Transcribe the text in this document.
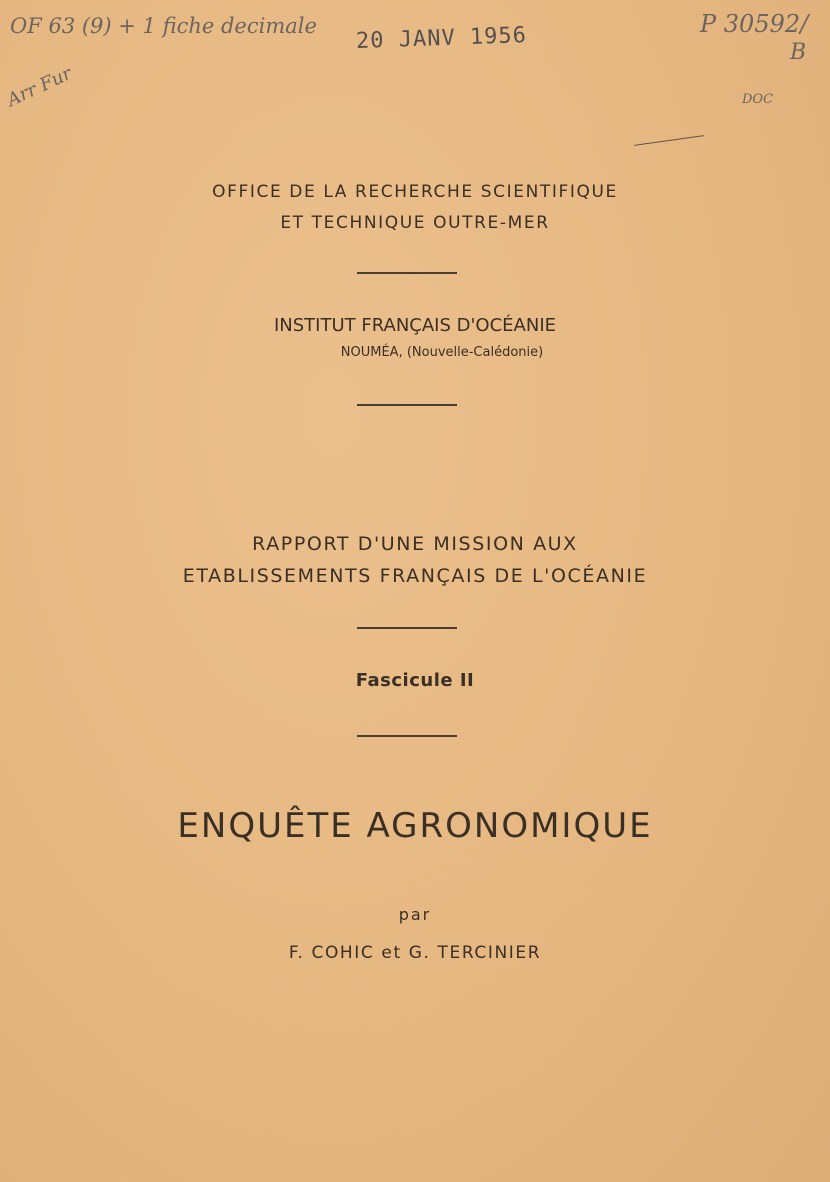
OF 63 (9) + 1 fiche decimale
Arr Fur
P 30592/
B
DOC
20 JANV 1956
OFFICE DE LA RECHERCHE SCIENTIFIQUE
ET TECHNIQUE OUTRE-MER
INSTITUT FRANÇAIS D'OCÉANIE
NOUMÉA, (Nouvelle-Calédonie)
RAPPORT D'UNE MISSION AUX
ETABLISSEMENTS FRANÇAIS DE L'OCÉANIE
Fascicule II
ENQUÊTE AGRONOMIQUE
par
F. COHIC et G. TERCINIER
